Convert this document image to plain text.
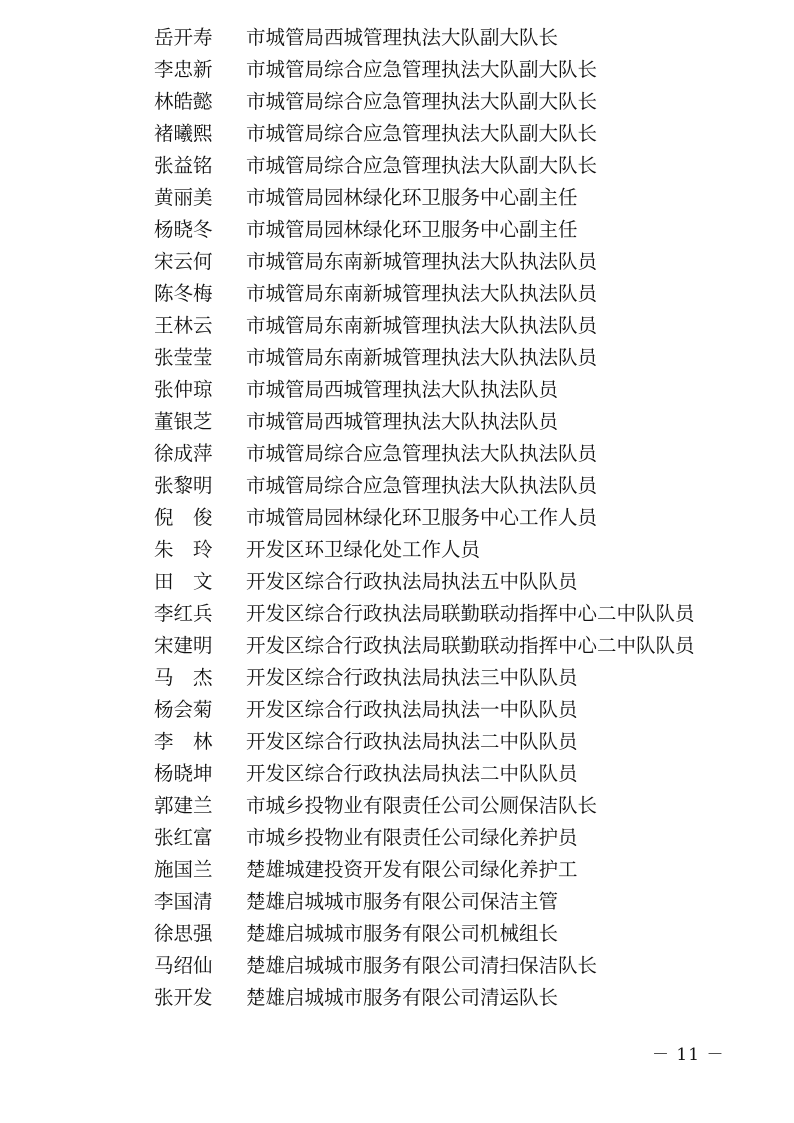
岳开寿 市城管局西城管理执法大队副大队长
李忠新 市城管局综合应急管理执法大队副大队长
林皓懿 市城管局综合应急管理执法大队副大队长
褚曦熙 市城管局综合应急管理执法大队副大队长
张益铭 市城管局综合应急管理执法大队副大队长
黄丽美 市城管局园林绿化环卫服务中心副主任
杨晓冬 市城管局园林绿化环卫服务中心副主任
宋云何 市城管局东南新城管理执法大队执法队员
陈冬梅 市城管局东南新城管理执法大队执法队员
王林云 市城管局东南新城管理执法大队执法队员
张莹莹 市城管局东南新城管理执法大队执法队员
张仲琼 市城管局西城管理执法大队执法队员
董银芝 市城管局西城管理执法大队执法队员
徐成萍 市城管局综合应急管理执法大队执法队员
张黎明 市城管局综合应急管理执法大队执法队员
倪　俊 市城管局园林绿化环卫服务中心工作人员
朱　玲 开发区环卫绿化处工作人员
田　文 开发区综合行政执法局执法五中队队员
李红兵 开发区综合行政执法局联勤联动指挥中心二中队队员
宋建明 开发区综合行政执法局联勤联动指挥中心二中队队员
马　杰 开发区综合行政执法局执法三中队队员
杨会菊 开发区综合行政执法局执法一中队队员
李　林 开发区综合行政执法局执法二中队队员
杨晓坤 开发区综合行政执法局执法二中队队员
郭建兰 市城乡投物业有限责任公司公厕保洁队长
张红富 市城乡投物业有限责任公司绿化养护员
施国兰 楚雄城建投资开发有限公司绿化养护工
李国清 楚雄启城城市服务有限公司保洁主管
徐思强 楚雄启城城市服务有限公司机械组长
马绍仙 楚雄启城城市服务有限公司清扫保洁队长
张开发 楚雄启城城市服务有限公司清运队长
－ 11 －
